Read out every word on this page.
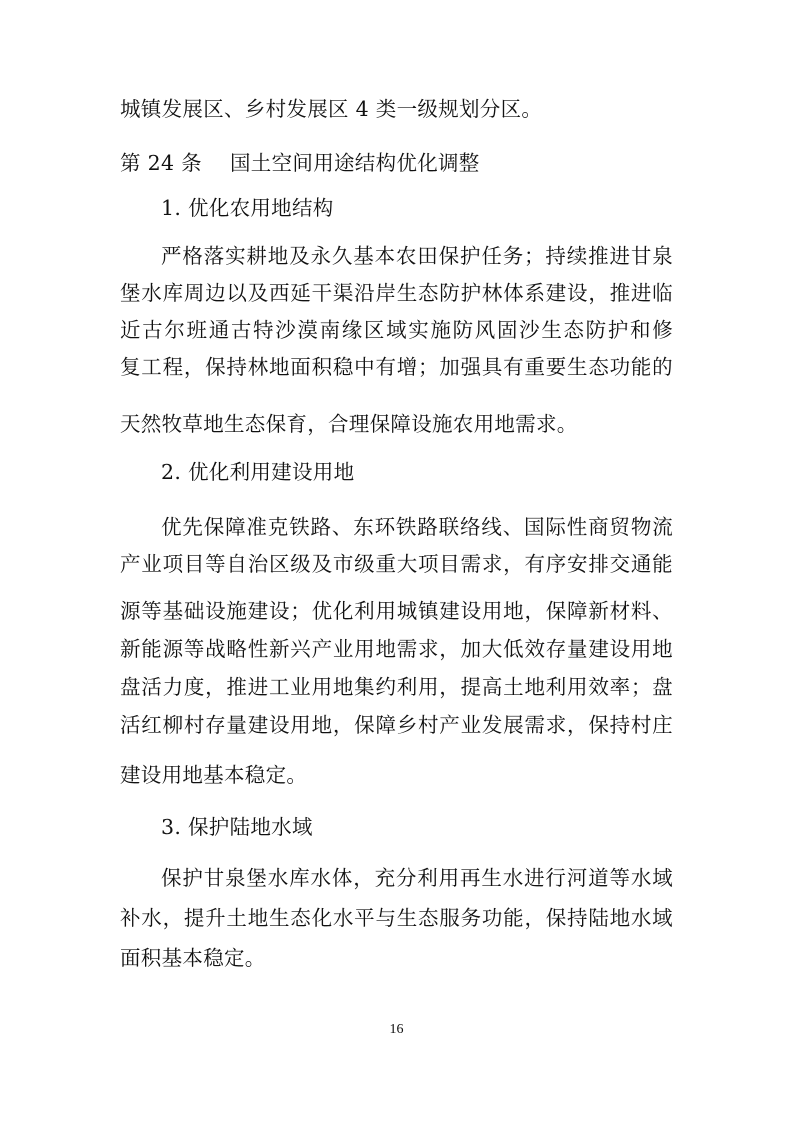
城镇发展区、乡村发展区 4 类一级规划分区。
第 24 条 国土空间用途结构优化调整
1. 优化农用地结构
严格落实耕地及永久基本农田保护任务；持续推进甘泉
堡水库周边以及西延干渠沿岸生态防护林体系建设，推进临
近古尔班通古特沙漠南缘区域实施防风固沙生态防护和修
复工程，保持林地面积稳中有增；加强具有重要生态功能的
天然牧草地生态保育，合理保障设施农用地需求。
2. 优化利用建设用地
优先保障准克铁路、东环铁路联络线、国际性商贸物流
产业项目等自治区级及市级重大项目需求，有序安排交通能
源等基础设施建设；优化利用城镇建设用地，保障新材料、
新能源等战略性新兴产业用地需求，加大低效存量建设用地
盘活力度，推进工业用地集约利用，提高土地利用效率；盘
活红柳村存量建设用地，保障乡村产业发展需求，保持村庄
建设用地基本稳定。
3. 保护陆地水域
保护甘泉堡水库水体，充分利用再生水进行河道等水域
补水，提升土地生态化水平与生态服务功能，保持陆地水域
面积基本稳定。
16
